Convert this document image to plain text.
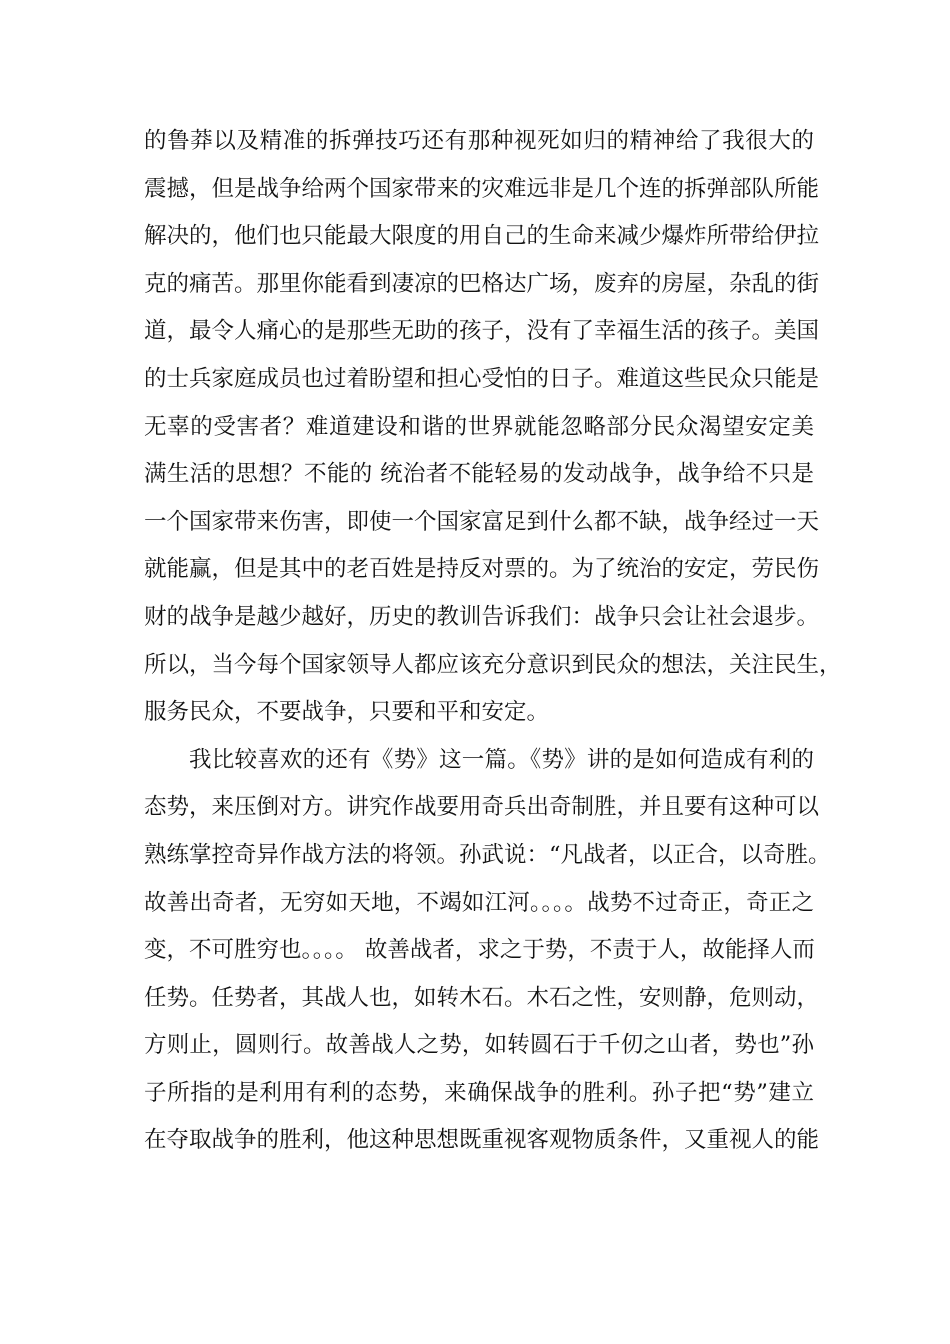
的鲁莽以及精准的拆弹技巧还有那种视死如归的精神给了我很大的
震撼，但是战争给两个国家带来的灾难远非是几个连的拆弹部队所能
解决的，他们也只能最大限度的用自己的生命来减少爆炸所带给伊拉
克的痛苦。那里你能看到凄凉的巴格达广场，废弃的房屋，杂乱的街
道，最令人痛心的是那些无助的孩子，没有了幸福生活的孩子。美国
的士兵家庭成员也过着盼望和担心受怕的日子。难道这些民众只能是
无辜的受害者？难道建设和谐的世界就能忽略部分民众渴望安定美
满生活的思想？不能的 统治者不能轻易的发动战争，战争给不只是
一个国家带来伤害，即使一个国家富足到什么都不缺，战争经过一天
就能赢，但是其中的老百姓是持反对票的。为了统治的安定，劳民伤
财的战争是越少越好，历史的教训告诉我们：战争只会让社会退步。
所以，当今每个国家领导人都应该充分意识到民众的想法，关注民生，
服务民众，不要战争，只要和平和安定。
我比较喜欢的还有《势》这一篇。《势》讲的是如何造成有利的
态势，来压倒对方。讲究作战要用奇兵出奇制胜，并且要有这种可以
熟练掌控奇异作战方法的将领。孙武说：“凡战者，以正合，以奇胜。
故善出奇者，无穷如天地，不竭如江河。。。。战势不过奇正，奇正之
变，不可胜穷也。。。。 故善战者，求之于势，不责于人，故能择人而
任势。任势者，其战人也，如转木石。木石之性，安则静，危则动，
方则止，圆则行。故善战人之势，如转圆石于千仞之山者，势也”孙
子所指的是利用有利的态势，来确保战争的胜利。孙子把“势”建立
在夺取战争的胜利，他这种思想既重视客观物质条件，又重视人的能
